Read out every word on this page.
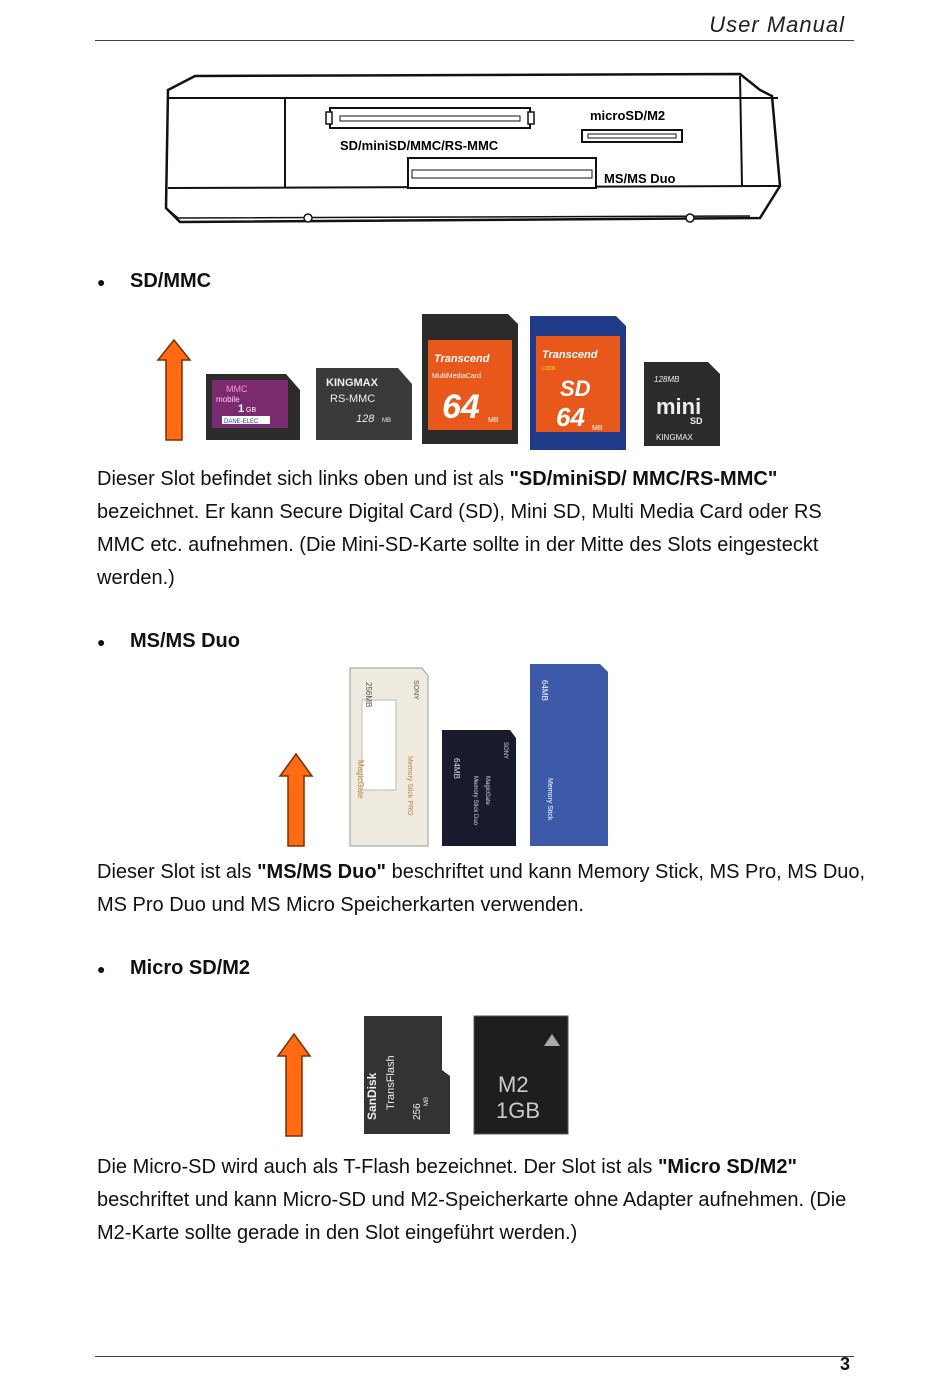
User Manual
SD/miniSD/MMC/RS-MMC
microSD/M2
MS/MS Duo
● SD/MMC
MMC
mobile
1 GB
DANE-ELEC
KINGMAX
RS-MMC
128 MB
Transcend
MultiMediaCard
64 MB
Transcend
LOCK
SD
64 MB
128MB
mini
SD
KINGMAX
Dieser Slot befindet sich links oben und ist als "SD/miniSD/ MMC/RS-MMC" bezeichnet. Er kann Secure Digital Card (SD), Mini SD, Multi Media Card oder RS MMC etc. aufnehmen. (Die Mini-SD-Karte sollte in der Mitte des Slots eingesteckt werden.)
● MS/MS Duo
256MB	SONY
MagicGate	Memory Stick PRO	64MB
SONY
Memory Stick Duo MagicGate
64MB
Memory Stick
Dieser Slot ist als "MS/MS Duo" beschriftet und kann Memory Stick, MS Pro, MS Duo, MS Pro Duo und MS Micro Speicherkarten verwenden.
● Micro SD/M2
SanDisk TransFlash
256
MB
M2
1GB
Die Micro-SD wird auch als T-Flash bezeichnet. Der Slot ist als "Micro SD/M2" beschriftet und kann Micro-SD und M2-Speicherkarte ohne Adapter aufnehmen. (Die M2-Karte sollte gerade in den Slot eingeführt werden.)
3
